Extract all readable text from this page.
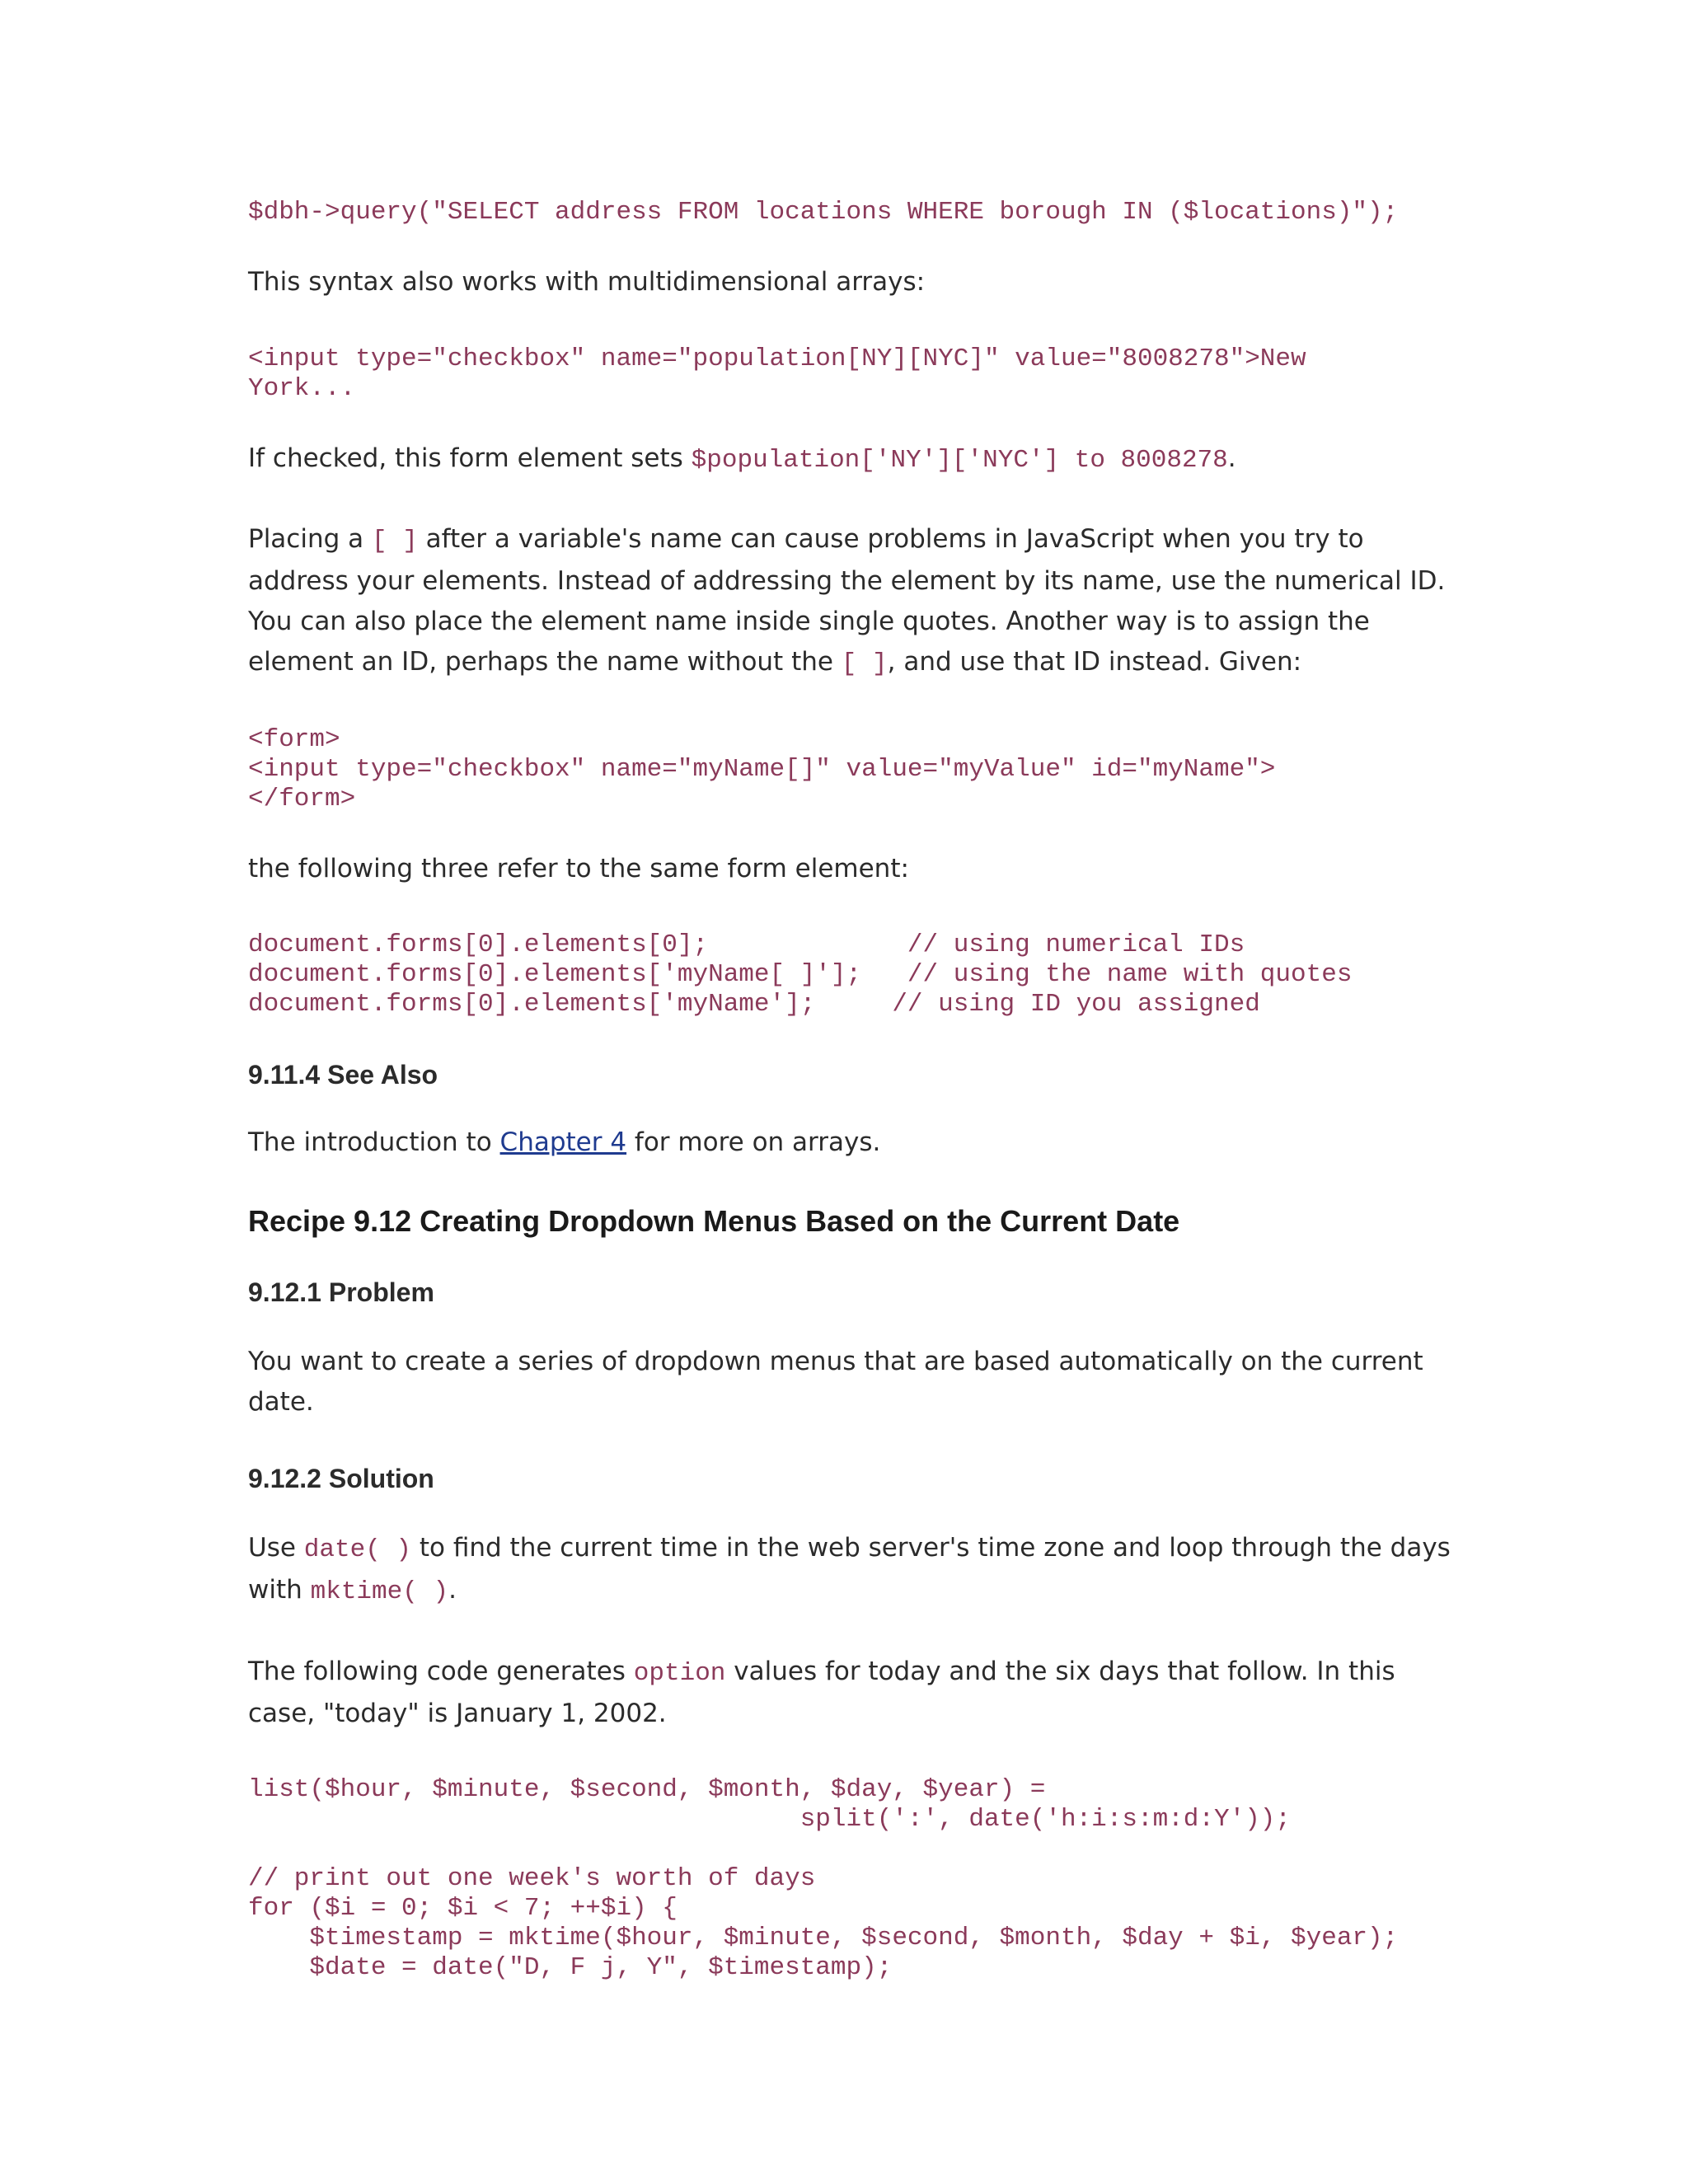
$dbh->query("SELECT address FROM locations WHERE borough IN ($locations)");

This syntax also works with multidimensional arrays:

<input type="checkbox" name="population[NY][NYC]" value="8008278">New
York...

If checked, this form element sets $population['NY']['NYC'] to 8008278.

Placing a [ ] after a variable's name can cause problems in JavaScript when you try to address your elements. Instead of addressing the element by its name, use the numerical ID. You can also place the element name inside single quotes. Another way is to assign the element an ID, perhaps the name without the [ ], and use that ID instead. Given:

<form>
<input type="checkbox" name="myName[]" value="myValue" id="myName">
</form>

the following three refer to the same form element:

document.forms[0].elements[0];             // using numerical IDs
document.forms[0].elements['myName[ ]'];   // using the name with quotes
document.forms[0].elements['myName'];     // using ID you assigned
9.11.4 See Also

The introduction to Chapter 4 for more on arrays.

Recipe 9.12 Creating Dropdown Menus Based on the Current Date
9.12.1 Problem

You want to create a series of dropdown menus that are based automatically on the current date.

9.12.2 Solution

Use date( ) to find the current time in the web server's time zone and loop through the days with mktime( ).

The following code generates option values for today and the six days that follow. In this case, "today" is January 1, 2002.

list($hour, $minute, $second, $month, $day, $year) =
split(':', date('h:i:s:m:d:Y'));

// print out one week's worth of days
for ($i = 0; $i < 7; ++$i) {
$timestamp = mktime($hour, $minute, $second, $month, $day + $i, $year);
$date = date("D, F j, Y", $timestamp);
